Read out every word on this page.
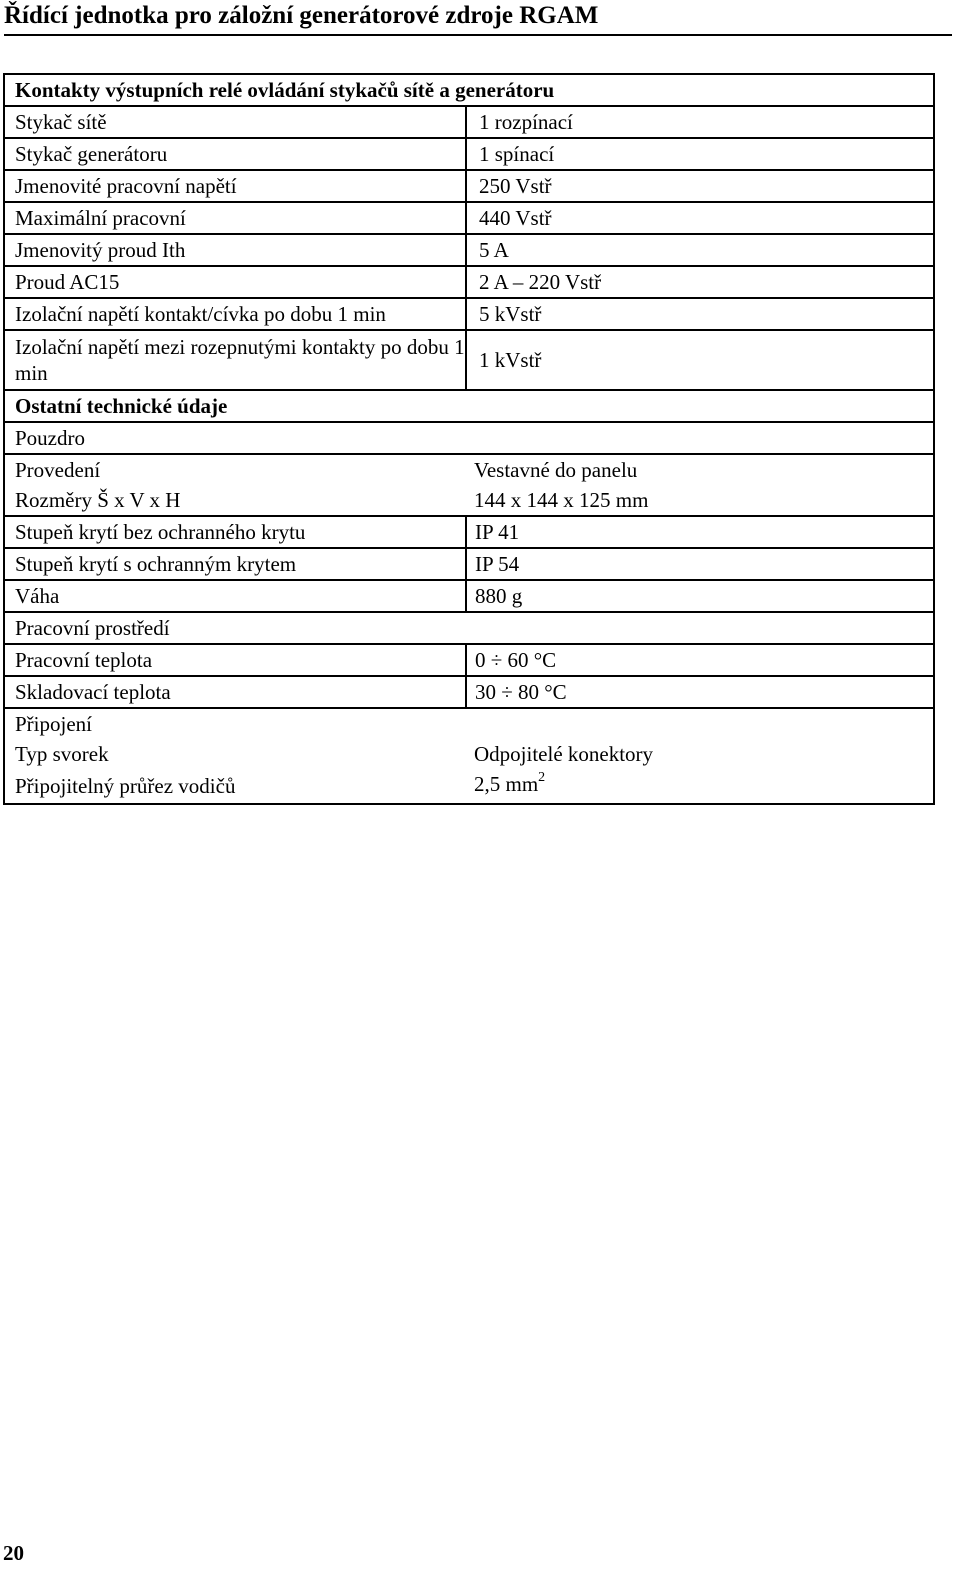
Řídící jednotka pro záložní generátorové zdroje RGAM
Kontakty výstupních relé ovládání stykačů sítě a generátoru	
Stykač sítě	1 rozpínací
Stykač generátoru	1 spínací
Jmenovité pracovní napětí	250 Vstř
Maximální pracovní	440 Vstř
Jmenovitý proud Ith	5 A
Proud AC15	2 A – 220 Vstř
Izolační napětí kontakt/cívka po dobu 1 min	5 kVstř
Izolační napětí mezi rozepnutými kontakty po dobu 1 min	1 kVstř
Ostatní technické údaje	
Pouzdro	
Provedení	Vestavné do panelu
Rozměry Š x V x H	144 x 144 x 125 mm
Stupeň krytí bez ochranného krytu	IP 41
Stupeň krytí s ochranným krytem	IP 54
Váha	880 g
Pracovní prostředí	
Pracovní teplota	0 ÷ 60 °C
Skladovací teplota	30 ÷ 80 °C
Připojení	
Typ svorek	Odpojitelé konektory
Připojitelný průřez vodičů	2,5 $mm^2$
20
